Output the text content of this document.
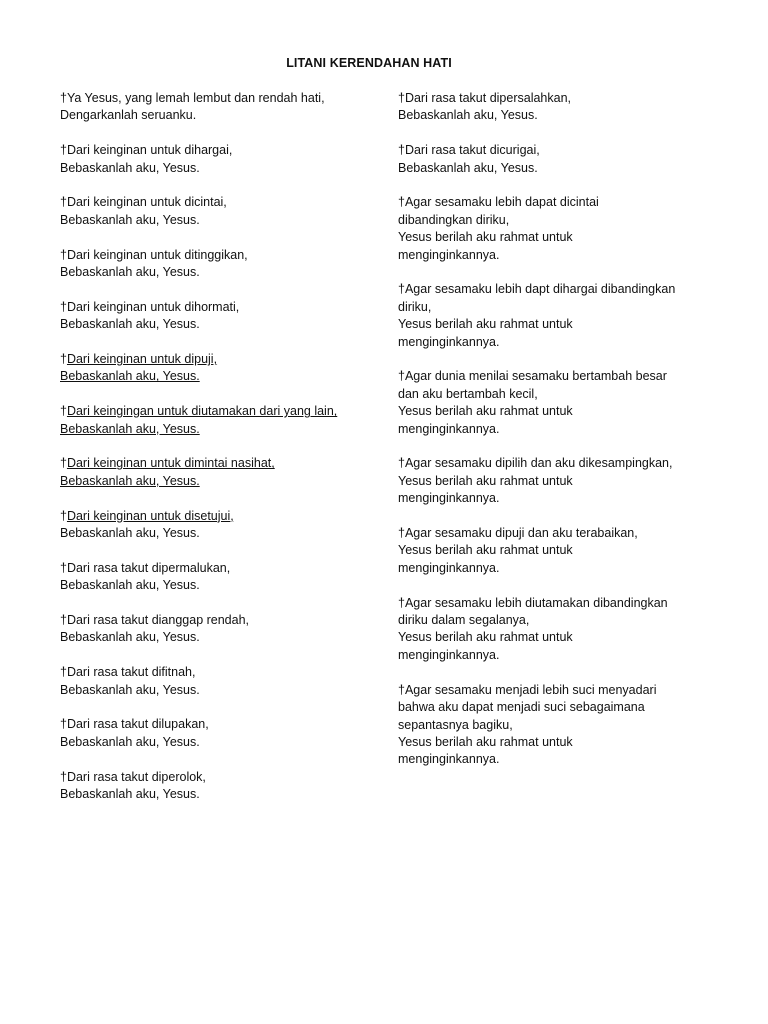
LITANI KERENDAHAN HATI
†Ya Yesus, yang lemah lembut dan rendah hati,
Dengarkanlah seruanku.
†Dari keinginan untuk dihargai,
Bebaskanlah aku, Yesus.
†Dari keinginan untuk dicintai,
Bebaskanlah aku, Yesus.
†Dari keinginan untuk ditinggikan,
Bebaskanlah aku, Yesus.
†Dari keinginan untuk dihormati,
Bebaskanlah aku, Yesus.
†Dari keinginan untuk dipuji,
Bebaskanlah aku, Yesus.
†Dari keingingan untuk diutamakan dari yang lain,
Bebaskanlah aku, Yesus.
†Dari keinginan untuk dimintai nasihat,
Bebaskanlah aku, Yesus.
†Dari keinginan untuk disetujui,
Bebaskanlah aku, Yesus.
†Dari rasa takut dipermalukan,
Bebaskanlah aku, Yesus.
†Dari rasa takut dianggap rendah,
Bebaskanlah aku, Yesus.
†Dari rasa takut difitnah,
Bebaskanlah aku, Yesus.
†Dari rasa takut dilupakan,
Bebaskanlah aku, Yesus.
†Dari rasa takut diperolok,
Bebaskanlah aku, Yesus.
†Dari rasa takut dipersalahkan,
Bebaskanlah aku, Yesus.
†Dari rasa takut dicurigai,
Bebaskanlah aku, Yesus.
†Agar sesamaku lebih dapat dicintai
dibandingkan diriku,
Yesus berilah aku rahmat untuk
menginginkannya.
†Agar sesamaku lebih dapt dihargai dibandingkan
diriku,
Yesus berilah aku rahmat untuk
menginginkannya.
†Agar dunia menilai sesamaku bertambah besar
dan aku bertambah kecil,
Yesus berilah aku rahmat untuk
menginginkannya.
†Agar sesamaku dipilih dan aku dikesampingkan,
Yesus berilah aku rahmat untuk
menginginkannya.
†Agar sesamaku dipuji dan aku terabaikan,
Yesus berilah aku rahmat untuk
menginginkannya.
†Agar sesamaku lebih diutamakan dibandingkan
diriku dalam segalanya,
Yesus berilah aku rahmat untuk
menginginkannya.
†Agar sesamaku menjadi lebih suci menyadari
bahwa aku dapat menjadi suci sebagaimana
sepantasnya bagiku,
Yesus berilah aku rahmat untuk
menginginkannya.
